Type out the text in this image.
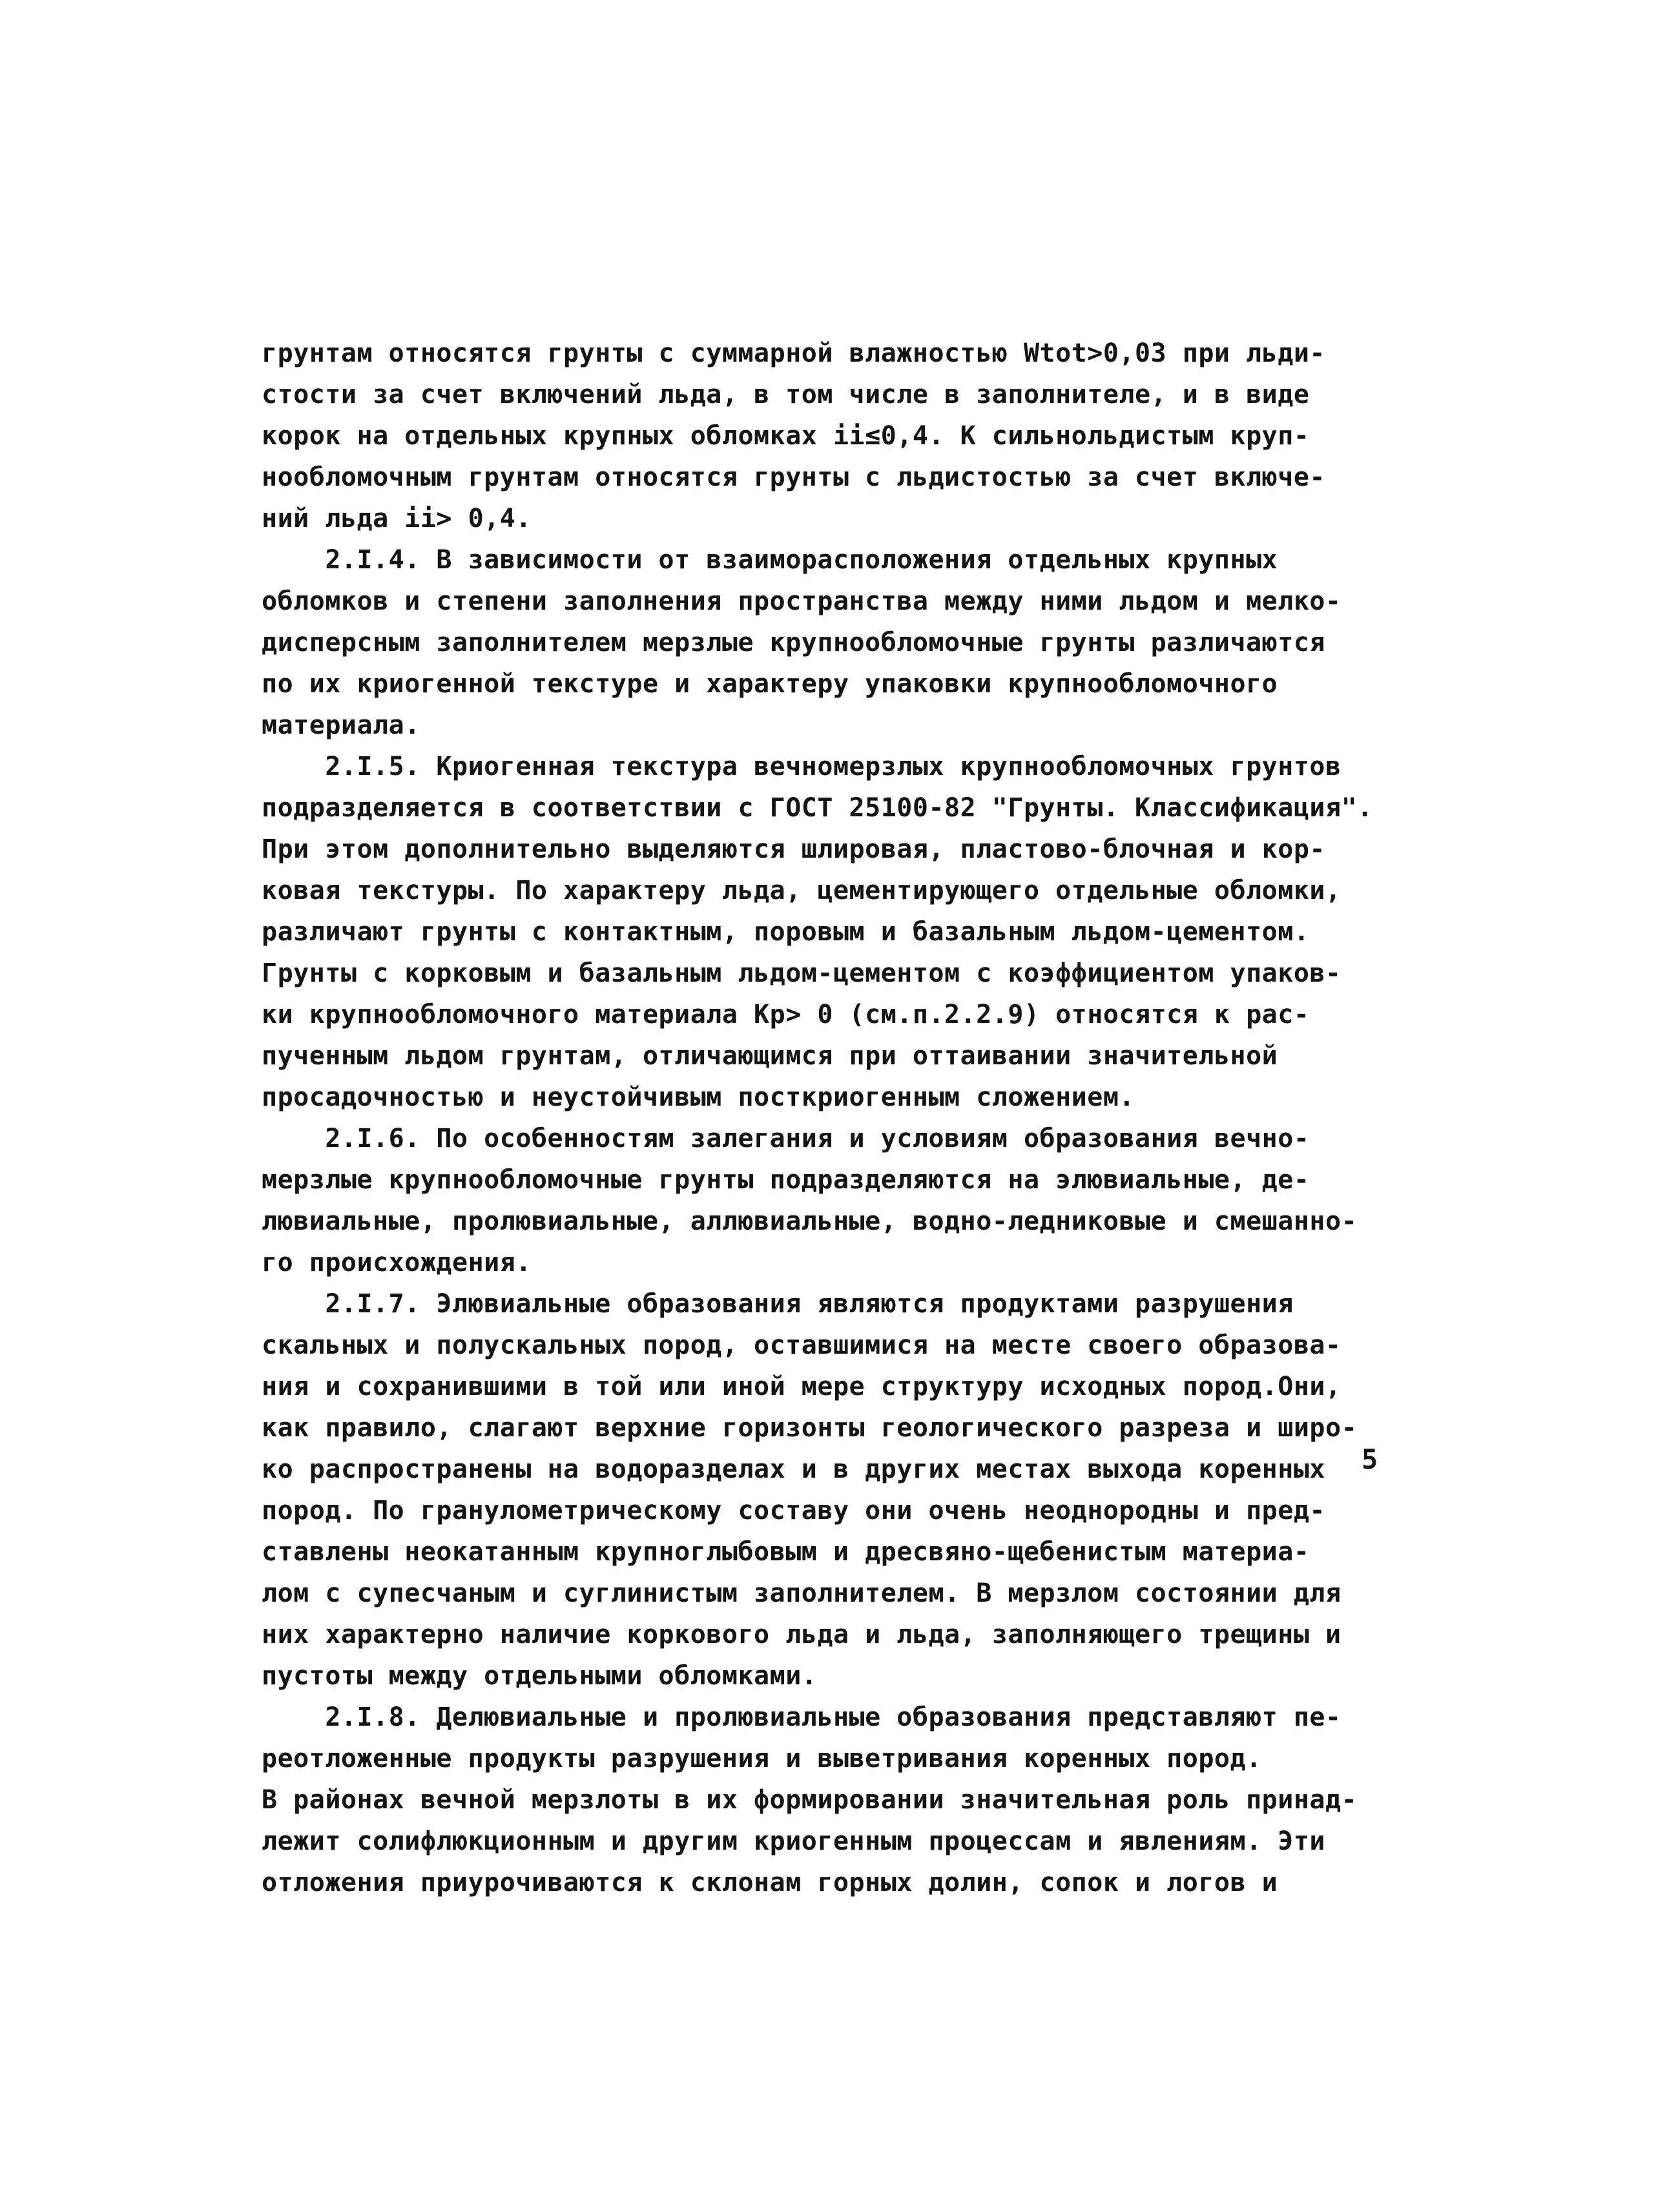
грунтам относятся грунты с суммарной влажностью Wtot>0,03 при льди-
стости за счет включений льда, в том числе в заполнителе, и в виде
корок на отдельных крупных обломках ii≤0,4. К сильнольдистым круп-
нообломочным грунтам относятся грунты с льдистостью за счет включе-
ний льда ii> 0,4.
2.I.4. В зависимости от взаиморасположения отдельных крупных
обломков и степени заполнения пространства между ними льдом и мелко-
дисперсным заполнителем мерзлые крупнообломочные грунты различаются
по их криогенной текстуре и характеру упаковки крупнообломочного
материала.
2.I.5. Криогенная текстура вечномерзлых крупнообломочных грунтов
подразделяется в соответствии с ГОСТ 25100-82 "Грунты. Классификация".
При этом дополнительно выделяются шлировая, пластово-блочная и кор-
ковая текстуры. По характеру льда, цементирующего отдельные обломки,
различают грунты с контактным, поровым и базальным льдом-цементом.
Грунты с корковым и базальным льдом-цементом с коэффициентом упаков-
ки крупнообломочного материала Кр> 0 (см.п.2.2.9) относятся к рас-
пученным льдом грунтам, отличающимся при оттаивании значительной
просадочностью и неустойчивым посткриогенным сложением.
2.I.6. По особенностям залегания и условиям образования вечно-
мерзлые крупнообломочные грунты подразделяются на элювиальные, де-
лювиальные, пролювиальные, аллювиальные, водно-ледниковые и смешанно-
го происхождения.
2.I.7. Элювиальные образования являются продуктами разрушения
скальных и полускальных пород, оставшимися на месте своего образова-
ния и сохранившими в той или иной мере структуру исходных пород.Они,
как правило, слагают верхние горизонты геологического разреза и широ-
ко распространены на водоразделах и в других местах выхода коренных
пород. По гранулометрическому составу они очень неоднородны и пред-
ставлены неокатанным крупноглыбовым и дресвяно-щебенистым материа-
лом с супесчаным и суглинистым заполнителем. В мерзлом состоянии для
них характерно наличие коркового льда и льда, заполняющего трещины и
пустоты между отдельными обломками.
2.I.8. Делювиальные и пролювиальные образования представляют пе-
реотложенные продукты разрушения и выветривания коренных пород.
В районах вечной мерзлоты в их формировании значительная роль принад-
лежит солифлюкционным и другим криогенным процессам и явлениям. Эти
отложения приурочиваются к склонам горных долин, сопок и логов и
5
